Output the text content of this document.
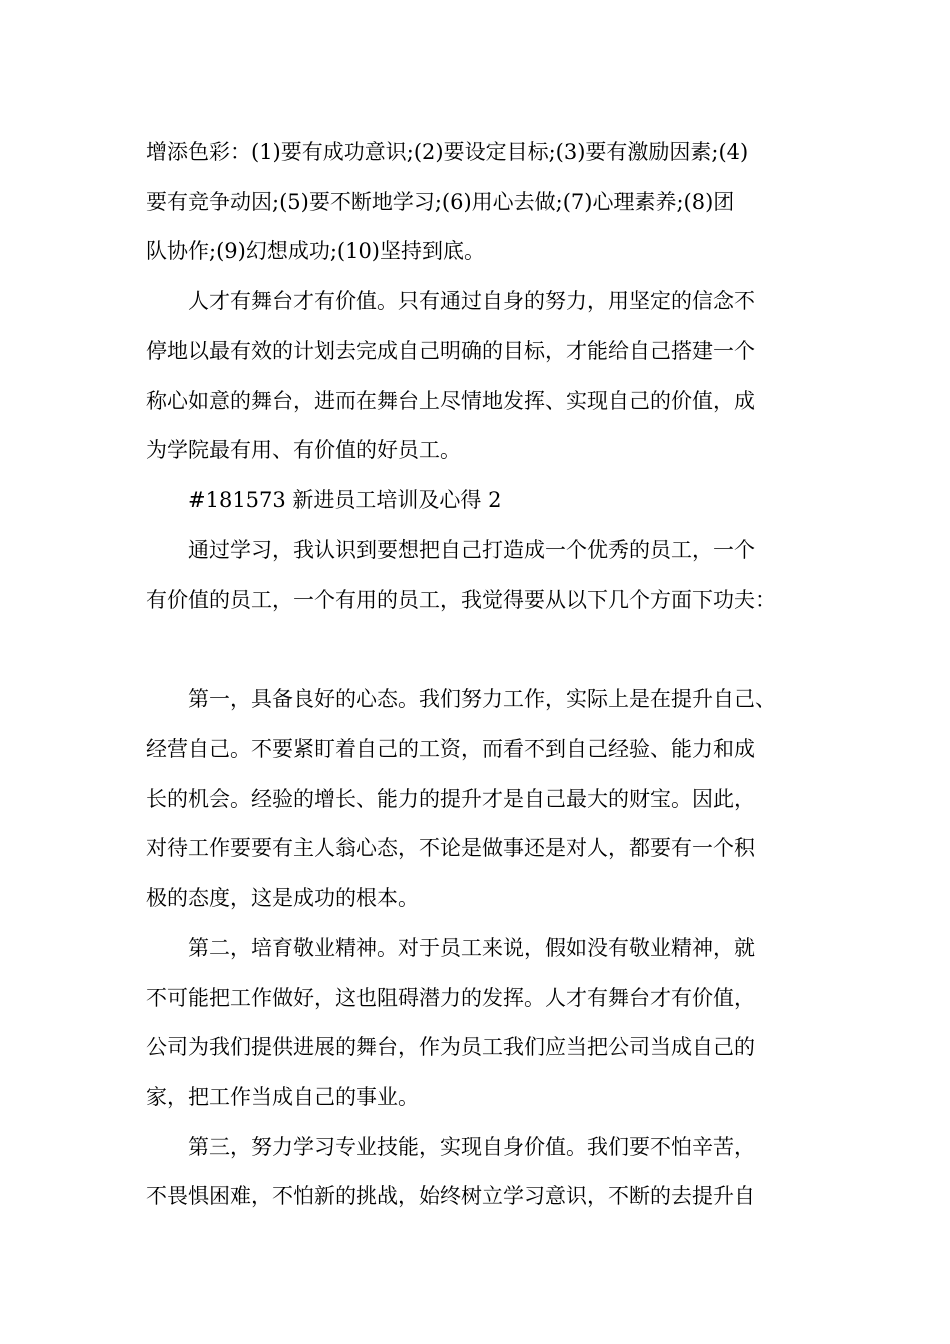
增添色彩：(1)要有成功意识;(2)要设定目标;(3)要有激励因素;(4)
要有竞争动因;(5)要不断地学习;(6)用心去做;(7)心理素养;(8)团
队协作;(9)幻想成功;(10)坚持到底。
人才有舞台才有价值。只有通过自身的努力，用坚定的信念不
停地以最有效的计划去完成自己明确的目标，才能给自己搭建一个
称心如意的舞台，进而在舞台上尽情地发挥、实现自己的价值，成
为学院最有用、有价值的好员工。
#181573 新进员工培训及心得 2
通过学习，我认识到要想把自己打造成一个优秀的员工，一个
有价值的员工，一个有用的员工，我觉得要从以下几个方面下功夫：
第一，具备良好的心态。我们努力工作，实际上是在提升自己、
经营自己。不要紧盯着自己的工资，而看不到自己经验、能力和成
长的机会。经验的增长、能力的提升才是自己最大的财宝。因此，
对待工作要要有主人翁心态，不论是做事还是对人，都要有一个积
极的态度，这是成功的根本。
第二，培育敬业精神。对于员工来说，假如没有敬业精神，就
不可能把工作做好，这也阻碍潜力的发挥。人才有舞台才有价值，
公司为我们提供进展的舞台，作为员工我们应当把公司当成自己的
家，把工作当成自己的事业。
第三，努力学习专业技能，实现自身价值。我们要不怕辛苦，
不畏惧困难，不怕新的挑战，始终树立学习意识，不断的去提升自
